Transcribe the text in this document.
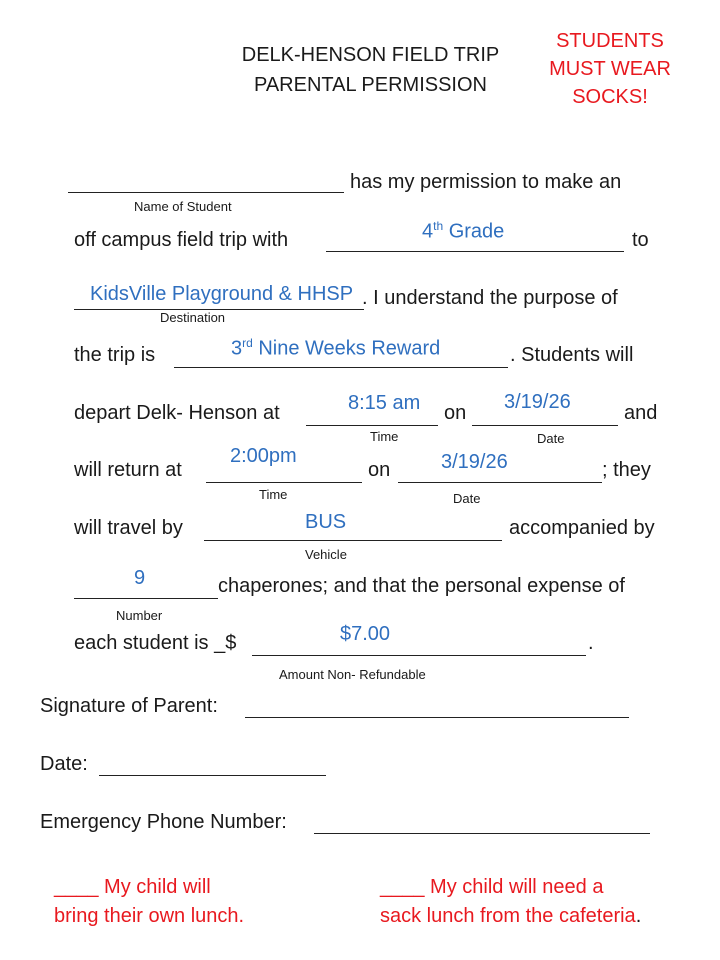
DELK-HENSON FIELD TRIP
PARENTAL PERMISSION
STUDENTS
MUST WEAR
SOCKS!
has my permission to make an
Name of Student
off campus field trip with	4th Grade	to
KidsVille Playground & HHSP . I understand the purpose of
Destination
the trip is	3rd Nine Weeks Reward	. Students will
depart Delk- Henson at	8:15 am on 3/19/26	and
Time	Date
will return at
2:00pm
on	3/19/26	; they
Time	Date
will travel by	BUS	accompanied by
Vehicle
9	chaperones; and that the personal expense of
Number
each student is _$	$7.00	.
Amount Non- Refundable
Signature of Parent:
Date:
Emergency Phone Number:
____ My child will
bring their own lunch.
____ My child will need a
sack lunch from the cafeteria.
